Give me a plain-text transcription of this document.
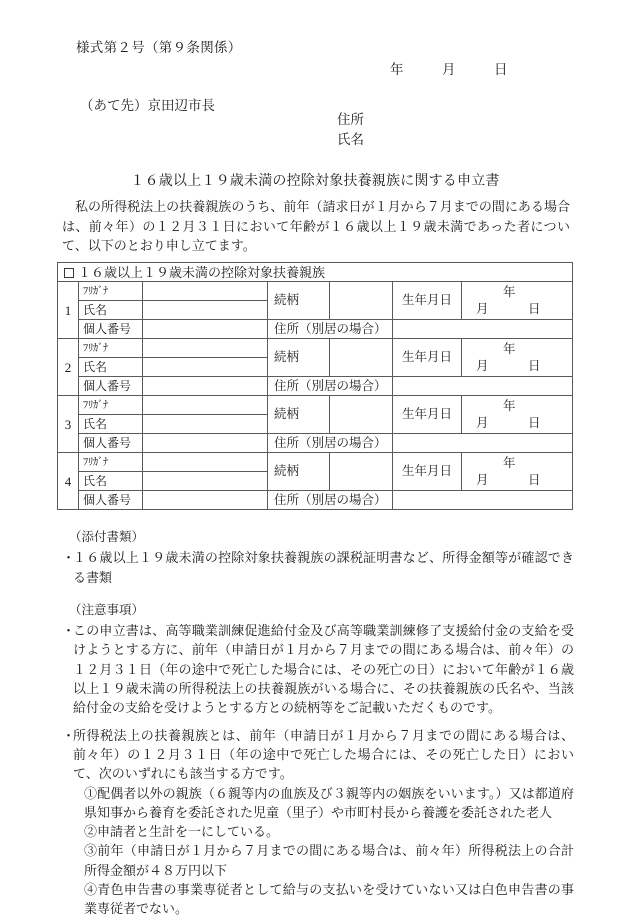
様式第２号（第９条関係）
年	月	日
（あて先）京田辺市長
住所
氏名
１６歳以上１９歳未満の控除対象扶養親族に関する申立書
私の所得税法上の扶養親族のうち、前年（請求日が１月から７月までの間にある場合は、前々年）の１２月３１日において年齢が１６歳以上１９歳未満であった者について、以下のとおり申し立てます。
１６歳以上１９歳未満の控除対象扶養親族						
1	ﾌﾘｶﾞﾅ		続柄		生年月日	年月 日
	氏名					
	個人番号		住所（別居の場合）			
2	ﾌﾘｶﾞﾅ		続柄		生年月日	年月 日
	氏名					
	個人番号		住所（別居の場合）			
3	ﾌﾘｶﾞﾅ		続柄		生年月日	年月 日
	氏名					
	個人番号		住所（別居の場合）			
4	ﾌﾘｶﾞﾅ		続柄		生年月日	年月 日
	氏名					
	個人番号		住所（別居の場合）			
（添付書類）
・
１６歳以上１９歳未満の控除対象扶養親族の課税証明書など、所得金額等が確認できる書類
（注意事項）
・
この申立書は、高等職業訓練促進給付金及び高等職業訓練修了支援給付金の支給を受けようとする方に、前年（申請日が１月から７月までの間にある場合は、前々年）の１２月３１日（年の途中で死亡した場合には、その死亡の日）において年齢が１６歳以上１９歳未満の所得税法上の扶養親族がいる場合に、その扶養親族の氏名や、当該給付金の支給を受けようとする方との続柄等をご記載いただくものです。
・
所得税法上の扶養親族とは、前年（申請日が１月から７月までの間にある場合は、前々年）の１２月３１日（年の途中で死亡した場合には、その死亡した日）において、次のいずれにも該当する方です。
①配偶者以外の親族（６親等内の血族及び３親等内の姻族をいいます。）又は都道府県知事から養育を委託された児童（里子）や市町村長から養護を委託された老人
②申請者と生計を一にしている。
③前年（申請日が１月から７月までの間にある場合は、前々年）所得税法上の合計所得金額が４８万円以下
④青色申告書の事業専従者として給与の支払いを受けていない又は白色申告書の事業専従者でない。
